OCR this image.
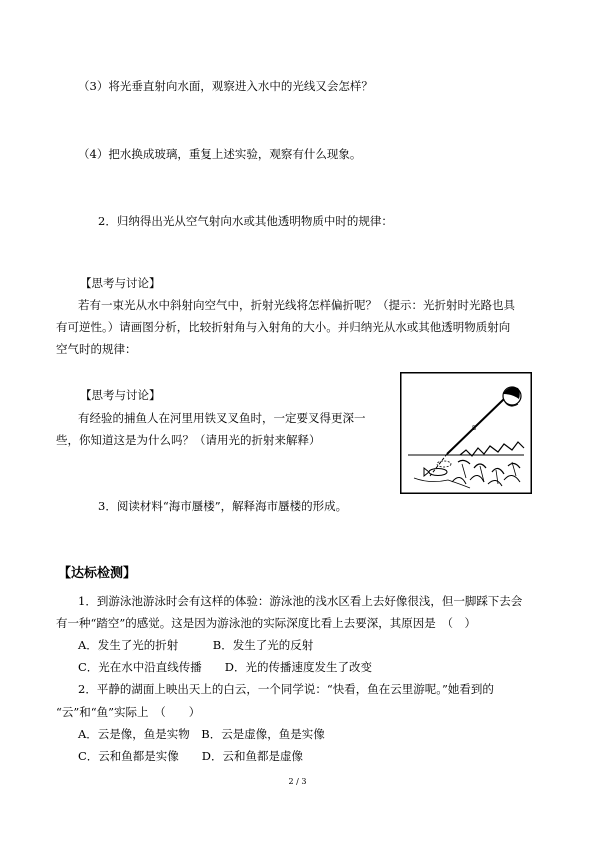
（3）将光垂直射向水面，观察进入水中的光线又会怎样？
（4）把水换成玻璃，重复上述实验，观察有什么现象。
2．归纳得出光从空气射向水或其他透明物质中时的规律：
【思考与讨论】
若有一束光从水中斜射向空气中，折射光线将怎样偏折呢？（提示：光折射时光路也具
有可逆性。）请画图分析，比较折射角与入射角的大小。并归纳光从水或其他透明物质射向
空气时的规律：
【思考与讨论】
有经验的捕鱼人在河里用铁叉叉鱼时，一定要叉得更深一
些，你知道这是为什么吗？（请用光的折射来解释）
B
3．阅读材料“海市蜃楼”，解释海市蜃楼的形成。
【达标检测】
1．到游泳池游泳时会有这样的体验：游泳池的浅水区看上去好像很浅，但一脚踩下去会
有一种“踏空”的感觉。这是因为游泳池的实际深度比看上去要深，其原因是　（　）
A．发生了光的折射　　　B．发生了光的反射
C．光在水中沿直线传播　　D．光的传播速度发生了改变
2．平静的湖面上映出天上的白云，一个同学说：“快看，鱼在云里游呢。”她看到的
“云”和“鱼”实际上　（　　）
A．云是像，鱼是实物　B．云是虚像，鱼是实像
C．云和鱼都是实像　　D．云和鱼都是虚像
2 / 3
